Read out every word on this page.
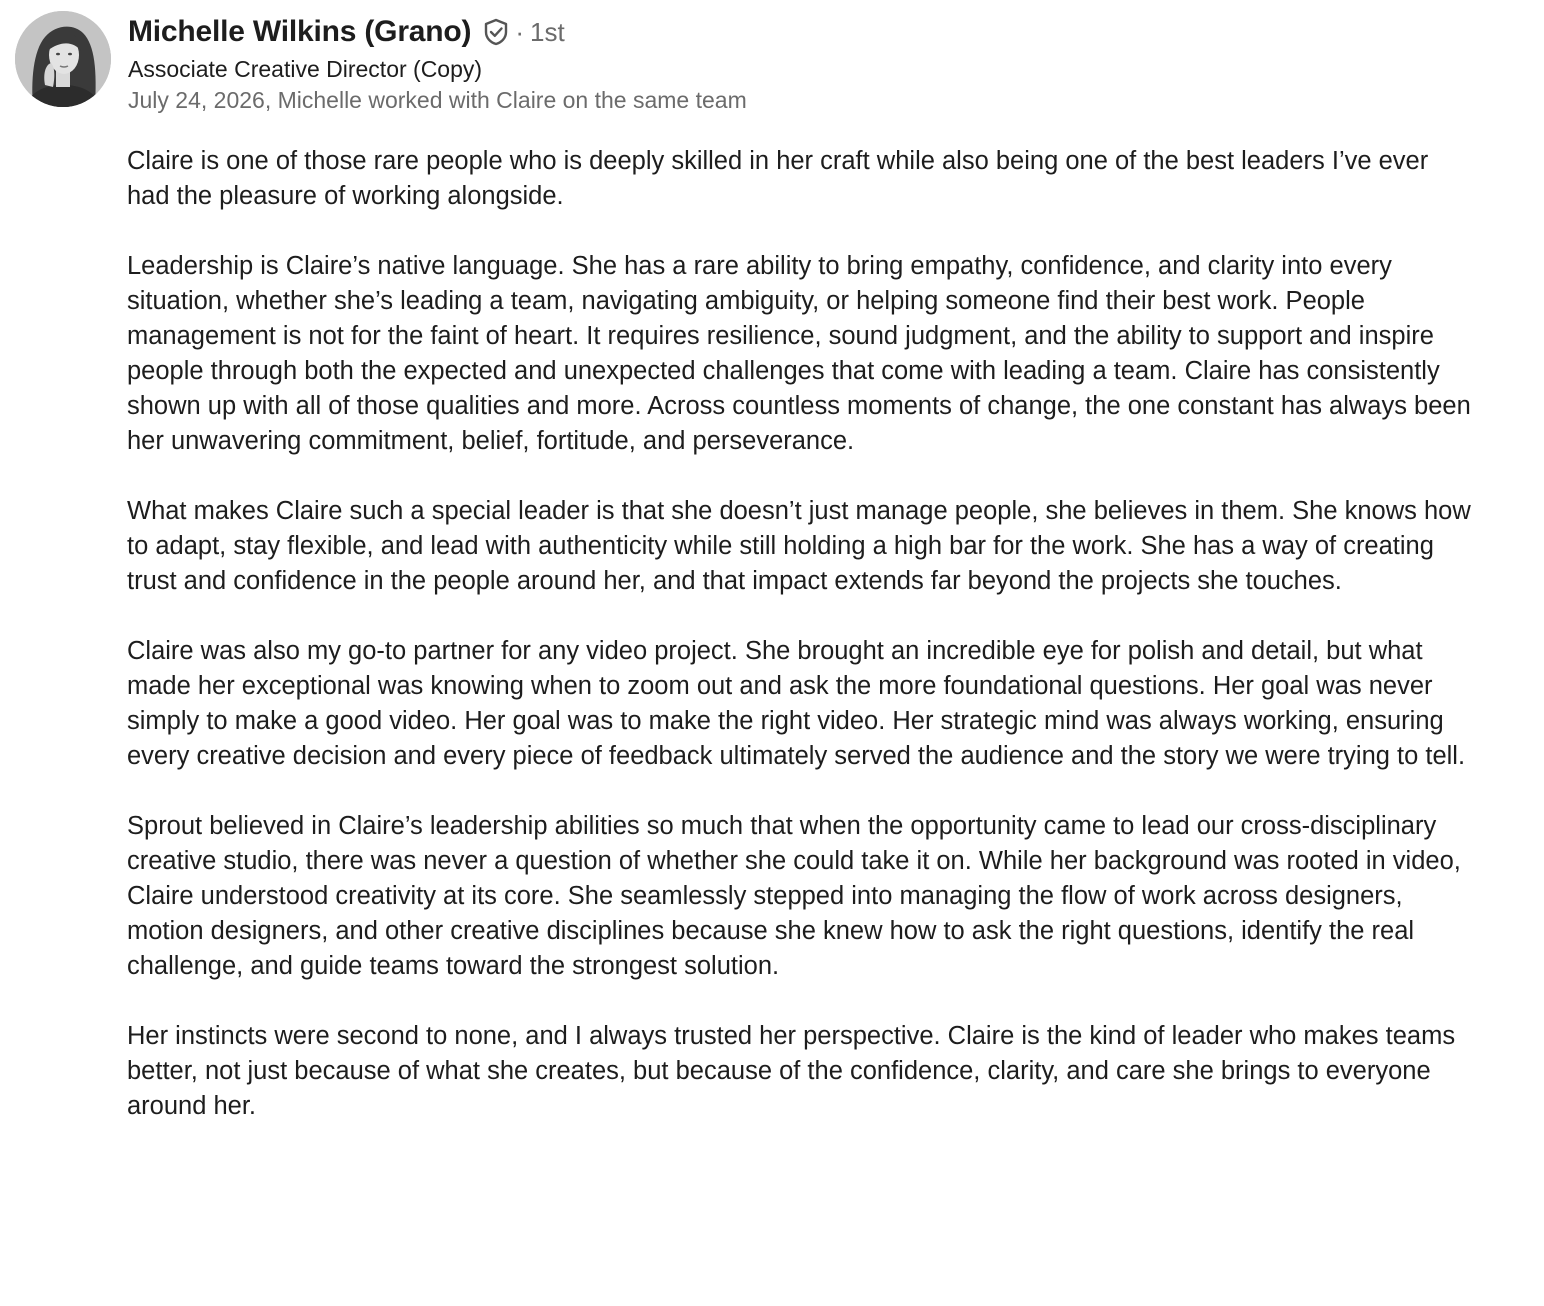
Michelle Wilkins (Grano) · 1st
Associate Creative Director (Copy)
July 24, 2026, Michelle worked with Claire on the same team

Claire is one of those rare people who is deeply skilled in her craft while also being one of the best leaders I’ve ever had the pleasure of working alongside.

Leadership is Claire’s native language. She has a rare ability to bring empathy, confidence, and clarity into every situation, whether she’s leading a team, navigating ambiguity, or helping someone find their best work. People management is not for the faint of heart. It requires resilience, sound judgment, and the ability to support and inspire people through both the expected and unexpected challenges that come with leading a team. Claire has consistently shown up with all of those qualities and more. Across countless moments of change, the one constant has always been her unwavering commitment, belief, fortitude, and perseverance.

What makes Claire such a special leader is that she doesn’t just manage people, she believes in them. She knows how to adapt, stay flexible, and lead with authenticity while still holding a high bar for the work. She has a way of creating trust and confidence in the people around her, and that impact extends far beyond the projects she touches.

Claire was also my go-to partner for any video project. She brought an incredible eye for polish and detail, but what made her exceptional was knowing when to zoom out and ask the more foundational questions. Her goal was never simply to make a good video. Her goal was to make the right video. Her strategic mind was always working, ensuring every creative decision and every piece of feedback ultimately served the audience and the story we were trying to tell.

Sprout believed in Claire’s leadership abilities so much that when the opportunity came to lead our cross-disciplinary creative studio, there was never a question of whether she could take it on. While her background was rooted in video, Claire understood creativity at its core. She seamlessly stepped into managing the flow of work across designers, motion designers, and other creative disciplines because she knew how to ask the right questions, identify the real challenge, and guide teams toward the strongest solution.

Her instincts were second to none, and I always trusted her perspective. Claire is the kind of leader who makes teams better, not just because of what she creates, but because of the confidence, clarity, and care she brings to everyone around her.
